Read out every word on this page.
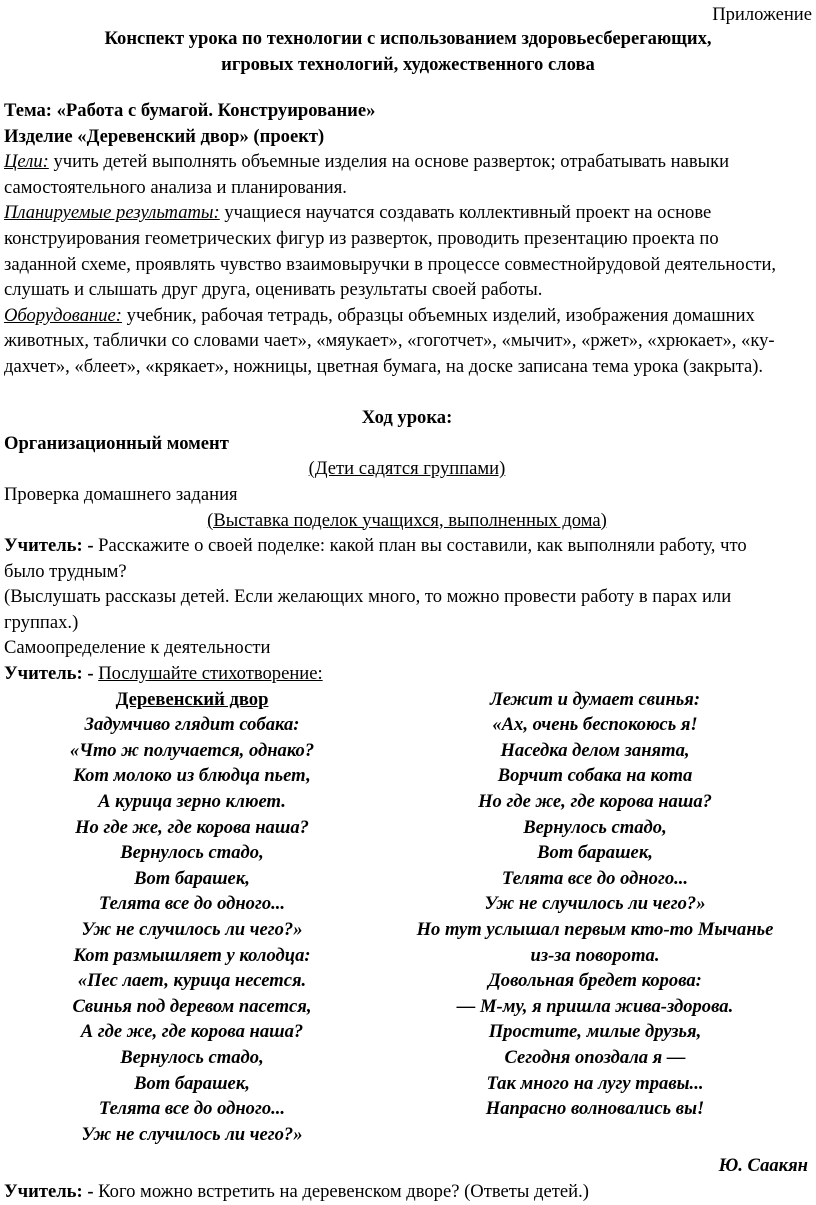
Приложение
Конспект урока по технологии с использованием здоровьесберегающих,
игровых технологий, художественного слова
Тема: «Работа с бумагой. Конструирование»
Изделие «Деревенский двор» (проект)
Цели: учить детей выполнять объемные изделия на основе разверток; отрабатывать навыки
самостоятельного анализа и планирования.
Планируемые результаты: учащиеся научатся создавать коллективный проект на основе
конструирования геометрических фигур из разверток, проводить презентацию проекта по
заданной схеме, проявлять чувство взаимовыручки в процессе совместнойрудовой деятельности,
слушать и слышать друг друга, оценивать результаты своей работы.
Оборудование: учебник, рабочая тетрадь, образцы объемных изделий, изображения домашних
животных, таблички со словами чает», «мяукает», «гоготчет», «мычит», «ржет», «хрюкает», «ку-
дахчет», «блеет», «крякает», ножницы, цветная бумага, на доске записана тема урока (закрыта).
Ход урока:
Организационный момент
(Дети садятся группами)
Проверка домашнего задания
(Выставка поделок учащихся, выполненных дома)
Учитель: - Расскажите о своей поделке: какой план вы составили, как выполняли работу, что
было трудным?
(Выслушать рассказы детей. Если желающих много, то можно провести работу в парах или
группах.)
Самоопределение к деятельности
Учитель: - Послушайте стихотворение:
Деревенский двор
Задумчиво глядит собака:
«Что ж получается, однако?
Кот молоко из блюдца пьет,
А курица зерно клюет.
Но где же, где корова наша?
Вернулось стадо,
Вот барашек,
Телята все до одного...
Уж не случилось ли чего?»
Кот размышляет у колодца:
«Пес лает, курица несется.
Свинья под деревом пасется,
А где же, где корова наша?
Вернулось стадо,
Вот барашек,
Телята все до одного...
Уж не случилось ли чего?»
Лежит и думает свинья:
«Ах, очень беспокоюсь я!
Наседка делом занята,
Ворчит собака на кота
Но где же, где корова наша?
Вернулось стадо,
Вот барашек,
Телята все до одного...
Уж не случилось ли чего?»
Но тут услышал первым кто-то Мычанье
из-за поворота.
Довольная бредет корова:
— М-му, я пришла жива-здорова.
Простите, милые друзья,
Сегодня опоздала я —
Так много на лугу травы...
Напрасно волновались вы!
Ю. Саакян
Учитель: - Кого можно встретить на деревенском дворе? (Ответы детей.)
